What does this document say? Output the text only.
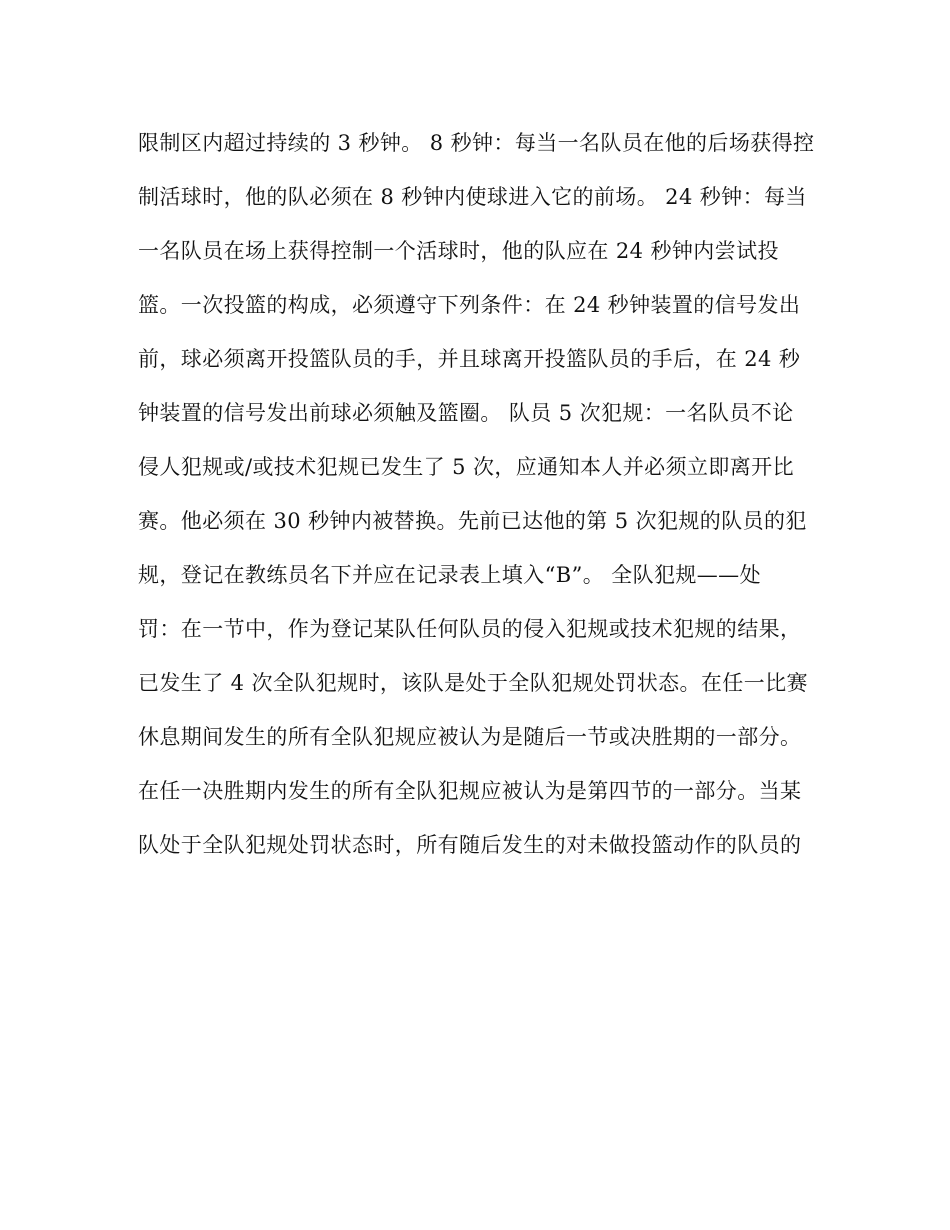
限制区内超过持续的 3 秒钟。 8 秒钟：每当一名队员在他的后场获得控
制活球时，他的队必须在 8 秒钟内使球进入它的前场。 24 秒钟：每当
一名队员在场上获得控制一个活球时，他的队应在 24 秒钟内尝试投
篮。一次投篮的构成，必须遵守下列条件：在 24 秒钟装置的信号发出
前，球必须离开投篮队员的手，并且球离开投篮队员的手后，在 24 秒
钟装置的信号发出前球必须触及篮圈。 队员 5 次犯规：一名队员不论
侵人犯规或/或技术犯规已发生了 5 次，应通知本人并必须立即离开比
赛。他必须在 30 秒钟内被替换。先前已达他的第 5 次犯规的队员的犯
规，登记在教练员名下并应在记录表上填入“B”。 全队犯规——处
罚：在一节中，作为登记某队任何队员的侵入犯规或技术犯规的结果，
已发生了 4 次全队犯规时，该队是处于全队犯规处罚状态。在任一比赛
休息期间发生的所有全队犯规应被认为是随后一节或决胜期的一部分。
在任一决胜期内发生的所有全队犯规应被认为是第四节的一部分。当某
队处于全队犯规处罚状态时，所有随后发生的对未做投篮动作的队员的
